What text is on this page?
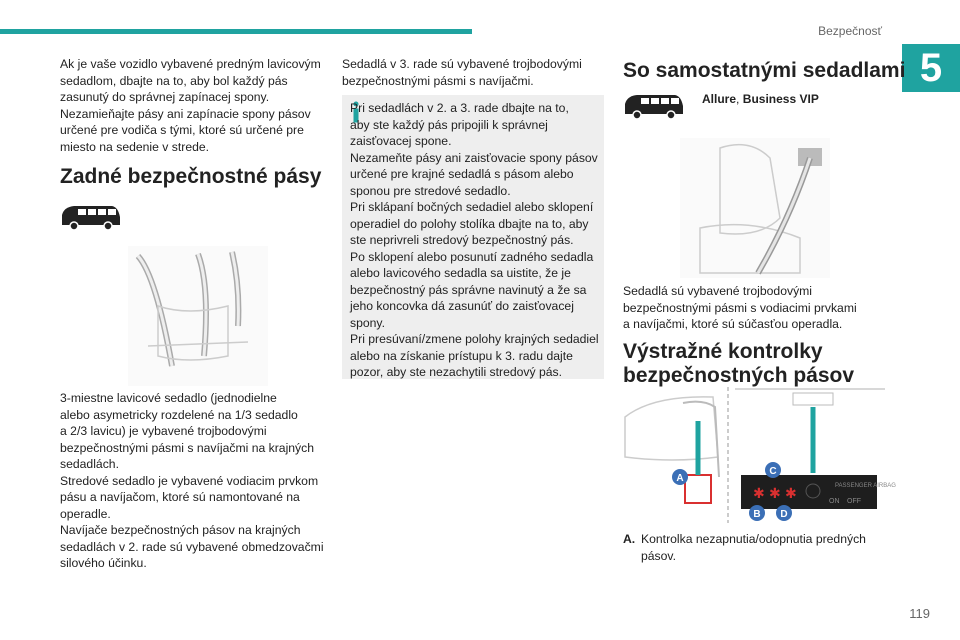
Bezpečnosť
5

Ak je vaše vozidlo vybavené predným lavicovým
sedadlom, dbajte na to, aby bol každý pás
zasunutý do správnej zapínacej spony.
Nezamieňajte pásy ani zapínacie spony pásov
určené pre vodiča s tými, ktoré sú určené pre
miesto na sedenie v strede.

Zadné bezpečnostné pásy

3-miestne lavicové sedadlo (jednodielne
alebo asymetricky rozdelené na 1/3 sedadlo
a 2/3 lavicu) je vybavené trojbodovými
bezpečnostnými pásmi s navíjačmi na krajných
sedadlách.
Stredové sedadlo je vybavené vodiacim prvkom
pásu a navíjačom, ktoré sú namontované na
operadle.
Navíjače bezpečnostných pásov na krajných
sedadlách v 2. rade sú vybavené obmedzovačmi
silového účinku.

Sedadlá v 3. rade sú vybavené trojbodovými
bezpečnostnými pásmi s navíjačmi.

Pri sedadlách v 2. a 3. rade dbajte na to,
aby ste každý pás pripojili k správnej
zaisťovacej spone.
Nezameňte pásy ani zaisťovacie spony pásov
určené pre krajné sedadlá s pásom alebo
sponou pre stredové sedadlo.
Pri sklápaní bočných sedadiel alebo sklopení
operadiel do polohy stolíka dbajte na to, aby
ste neprivreli stredový bezpečnostný pás.
Po sklopení alebo posunutí zadného sedadla
alebo lavicového sedadla sa uistite, že je
bezpečnostný pás správne navinutý a že sa
jeho koncovka dá zasunúť do zaisťovacej
spony.
Pri presúvaní/zmene polohy krajných sedadiel
alebo na získanie prístupu k 3. radu dajte
pozor, aby ste nezachytili stredový pás.

So samostatnými sedadlami
Allure, Business VIP

Sedadlá sú vybavené trojbodovými
bezpečnostnými pásmi s vodiacimi prvkami
a navíjačmi, ktoré sú súčasťou operadla.

Výstražné kontrolky
bezpečnostných pásov
✱ ✱ ✱
A
C
B D
PASSENGER AIRBAG
ON OFF
A. Kontrolka nezapnutia/odopnutia predných
pásov.

119
